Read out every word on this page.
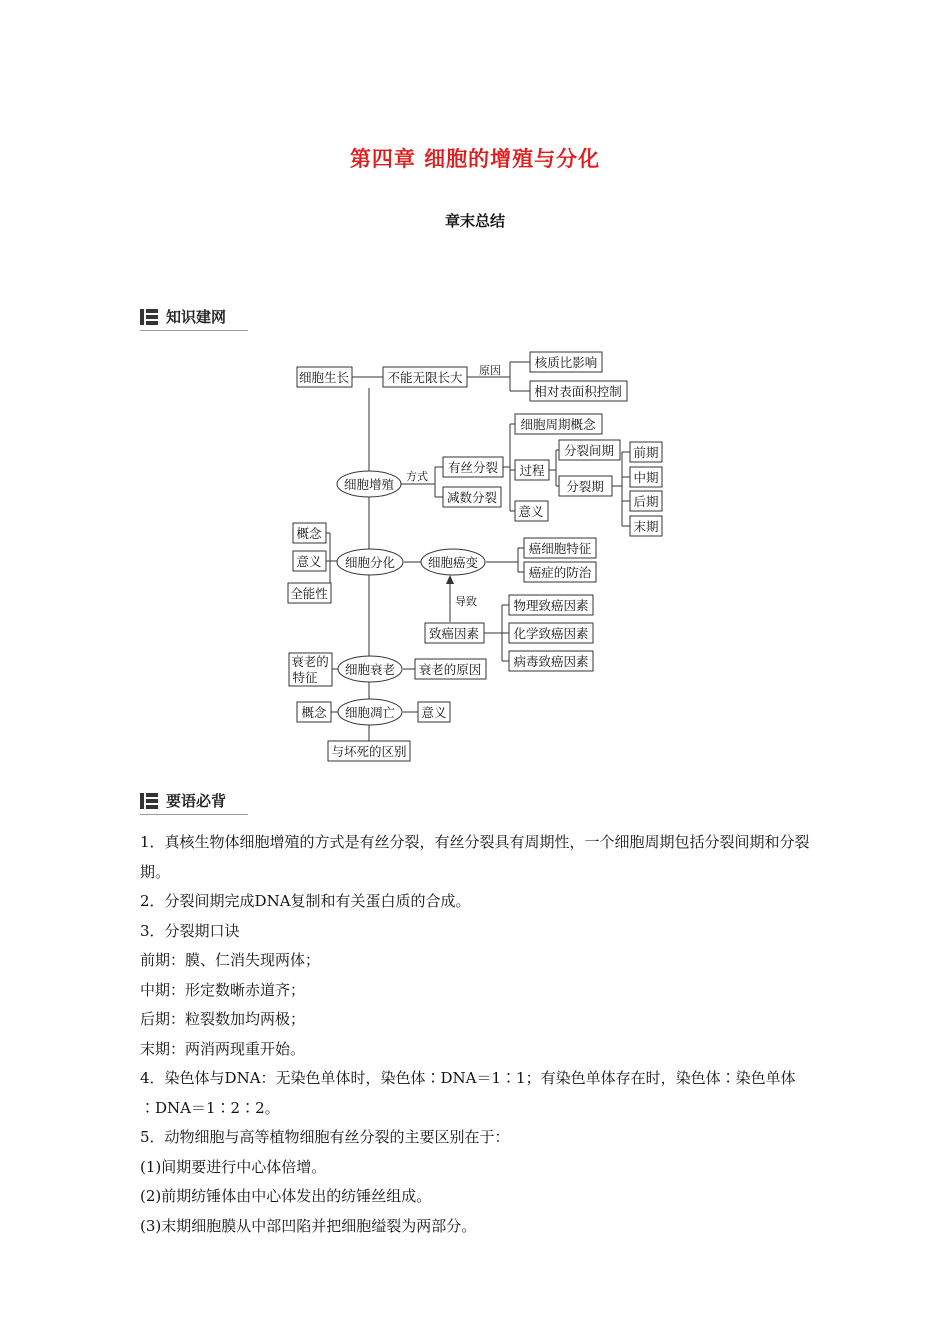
第四章 细胞的增殖与分化
章末总结
知识建网
细胞生长	不能无限长大 原因
核质比影响
相对表面积控制
细胞增殖
方式
有丝分裂
减数分裂
细胞周期概念
过程
意义
分裂间期
分裂期
前期
中期
后期
末期
概念
意义
全能性
细胞分化	细胞癌变
癌细胞特征
癌症的防治
导致
致癌因素
物理致癌因素
化学致癌因素
病毒致癌因素
衰老的
特征
细胞衰老 衰老的原因
概念 细胞凋亡 意义
与坏死的区别
要语必背

1．真核生物体细胞增殖的方式是有丝分裂，有丝分裂具有周期性，一个细胞周期包括分裂间期和分裂期。

2．分裂间期完成DNA复制和有关蛋白质的合成。

3．分裂期口诀

前期：膜、仁消失现两体；

中期：形定数晰赤道齐；

后期：粒裂数加均两极；

末期：两消两现重开始。

4．染色体与DNA：无染色单体时，染色体∶DNA＝1∶1；有染色单体存在时，染色体∶染色单体∶DNA＝1∶2∶2。

5．动物细胞与高等植物细胞有丝分裂的主要区别在于：

(1)间期要进行中心体倍增。

(2)前期纺锤体由中心体发出的纺锤丝组成。

(3)末期细胞膜从中部凹陷并把细胞缢裂为两部分。
